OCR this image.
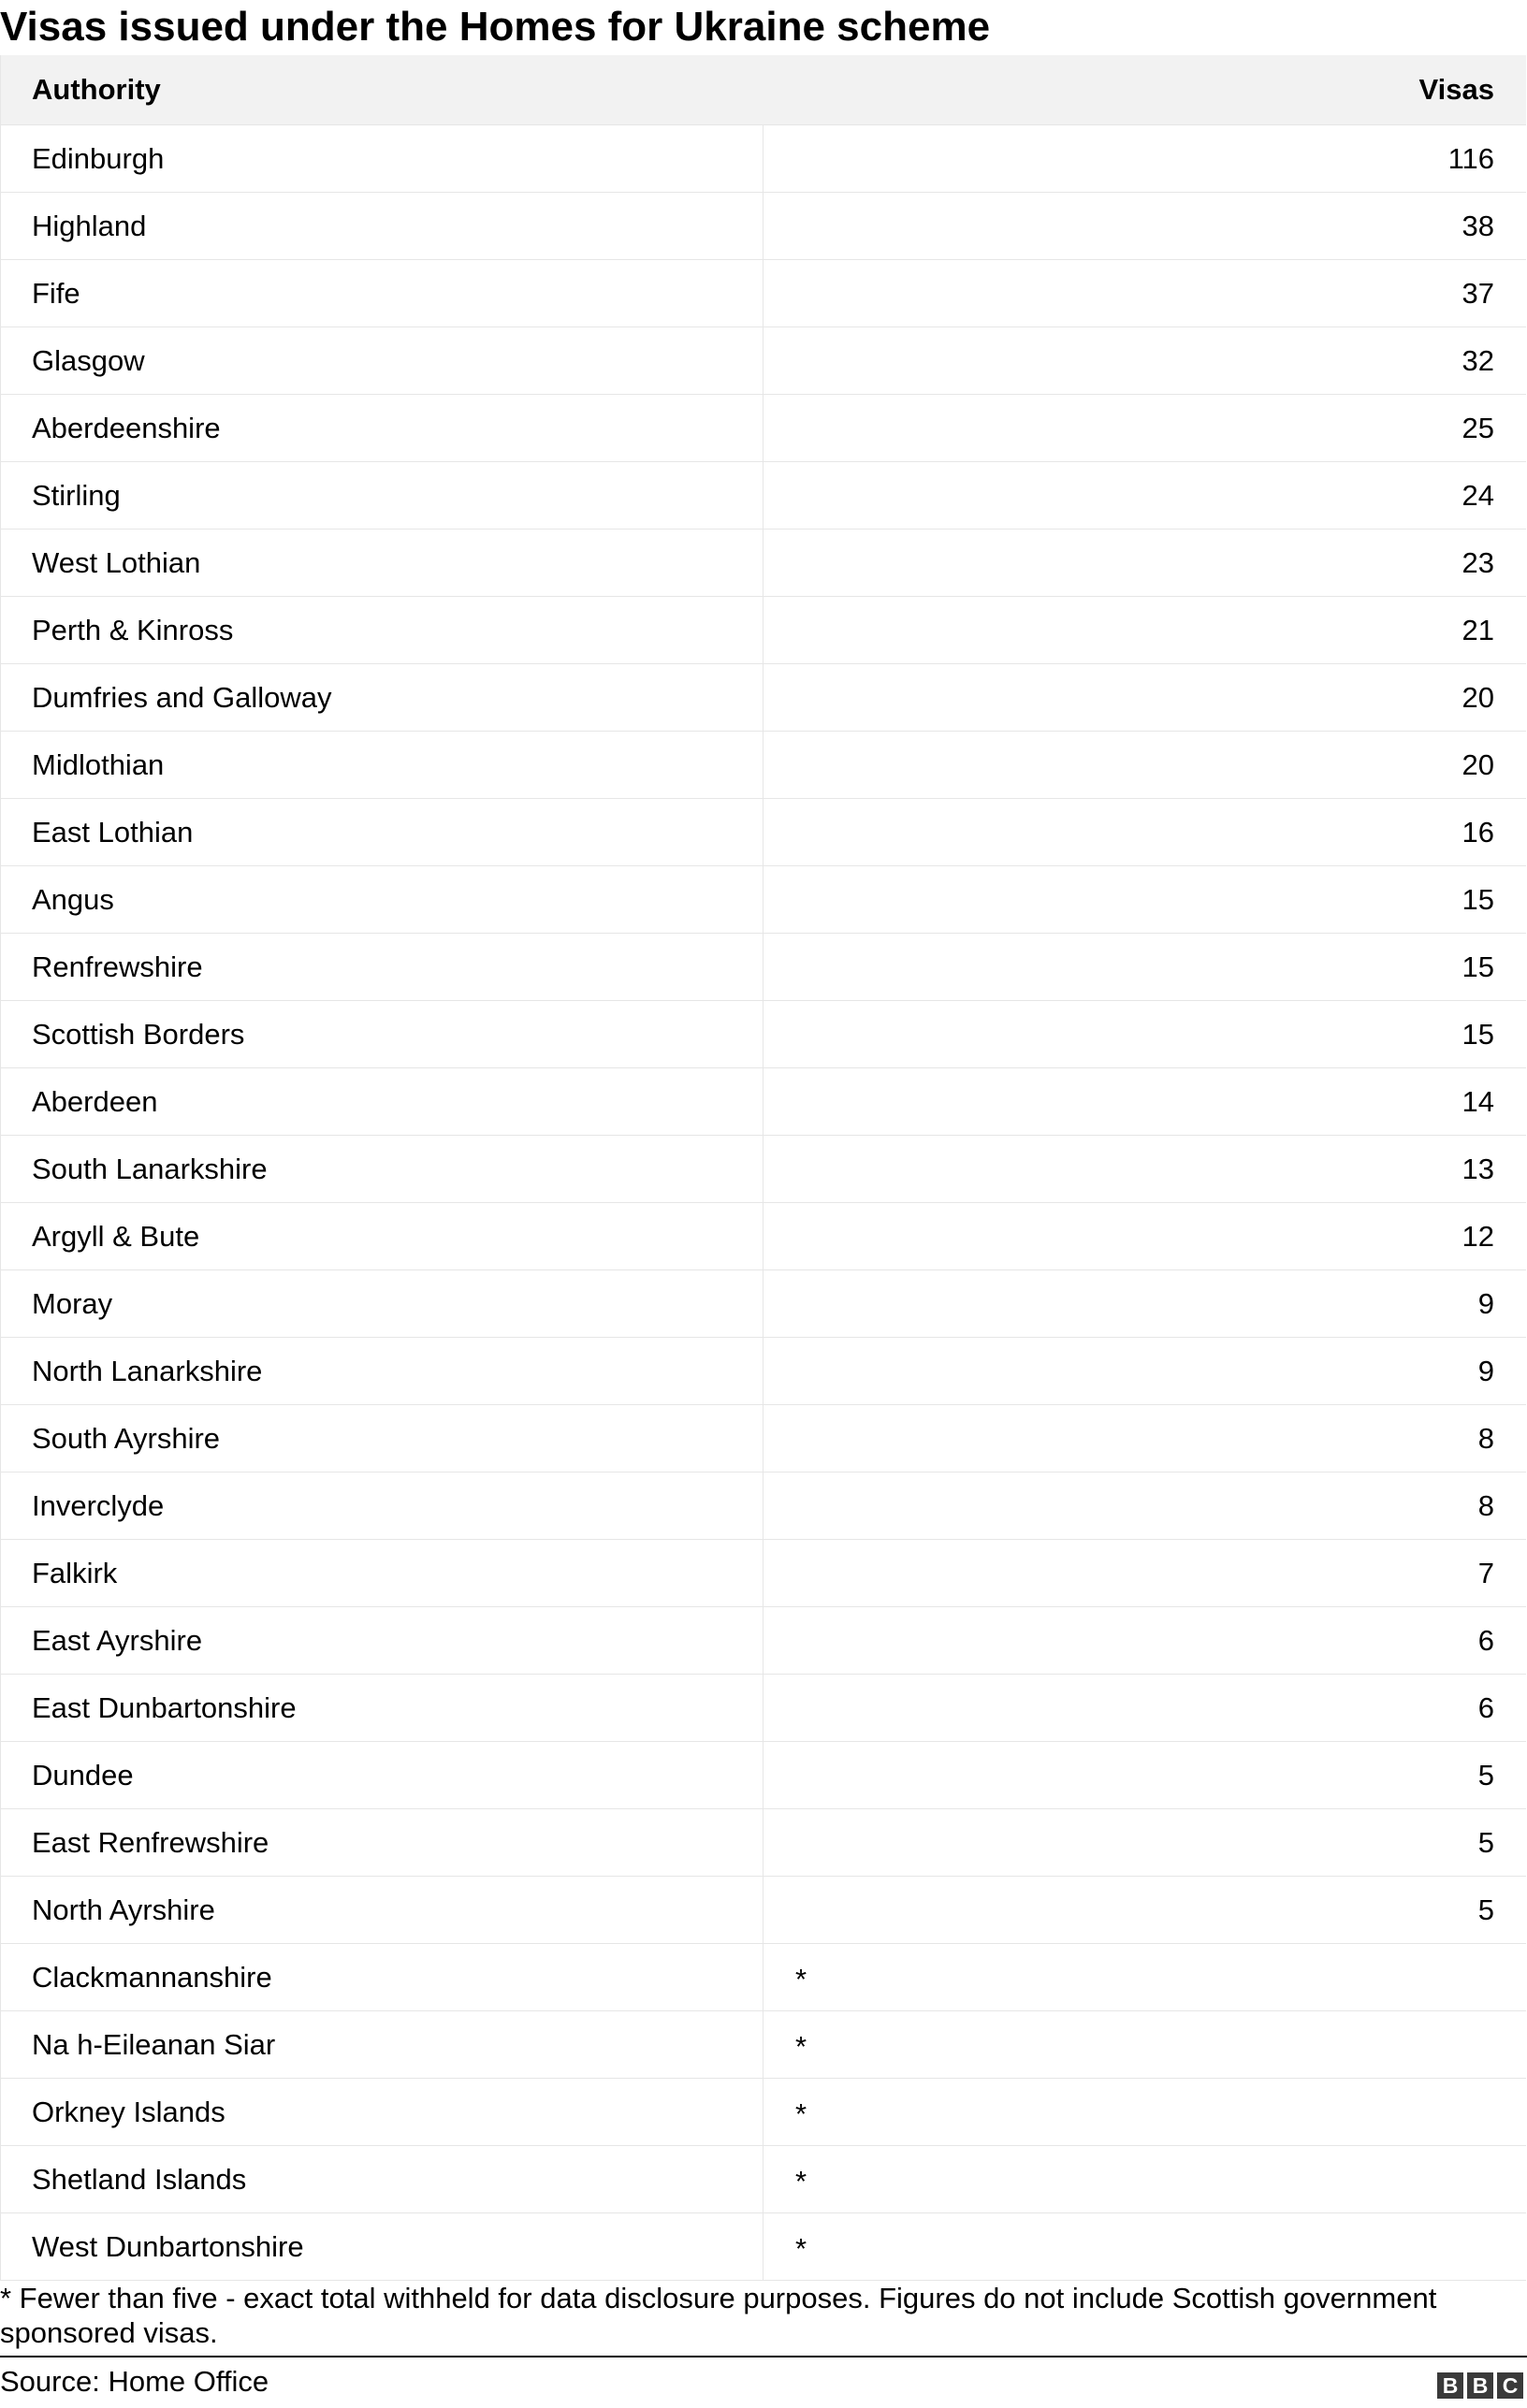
Visas issued under the Homes for Ukraine scheme
Authority	Visas
Edinburgh	116
Highland	38
Fife	37
Glasgow	32
Aberdeenshire	25
Stirling	24
West Lothian	23
Perth & Kinross	21
Dumfries and Galloway	20
Midlothian	20
East Lothian	16
Angus	15
Renfrewshire	15
Scottish Borders	15
Aberdeen	14
South Lanarkshire	13
Argyll & Bute	12
Moray	9
North Lanarkshire	9
South Ayrshire	8
Inverclyde	8
Falkirk	7
East Ayrshire	6
East Dunbartonshire	6
Dundee	5
East Renfrewshire	5
North Ayrshire	5
Clackmannanshire	*
Na h-Eileanan Siar	*
Orkney Islands	*
Shetland Islands	*
West Dunbartonshire	*
* Fewer than five - exact total withheld for data disclosure purposes. Figures do not include Scottish government sponsored visas.
Source: Home Office	B B C
